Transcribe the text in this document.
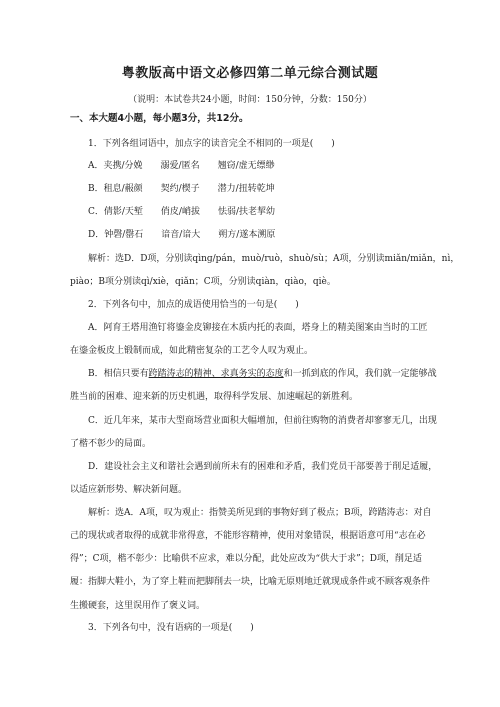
粤教版高中语文必修四第二单元综合测试题
（说明：本试卷共24小题，时间：150分钟，分数：150分）
一、本大题4小题，每小题3分，共12分。
1．下列各组词语中，加点字的读音完全不相同的一项是(　　)
A．夹携/分娩　　溺爱/匿名　　翘窃/虚无缥缈
B．租息/赧颜　　契约/楔子　　潜力/扭转乾坤
C．倩影/天堑　　俏皮/峭拔　　怯弱/扶老挈幼
D．钟磬/罄石　　谙音/谙大　　朔方/遂本溯原
解析：选D．D项，分别读qìnɡ/pán，muò/ruò，shuò/sù；A项，分别读miǎn/miǎn，nì，
piào；B项分别读qì/xiè，qiǎn；C项，分别读qiàn，qiào，qiè。
2．下列各句中，加点的成语使用恰当的一句是(　　)
A．阿育王塔用渔钉将鎏金皮铆接在木质内托的表面，塔身上的精美图案由当时的工匠
在鎏金板皮上锻制而成，如此精密复杂的工艺令人叹为观止。
B．相信只要有跨踏涛志的精神、求真务实的态度和一抓到底的作风，我们就一定能够战
胜当前的困难、迎来新的历史机遇，取得科学发展、加速崛起的新胜利。
C．近几年来，某市大型商场营业面积大幅增加，但前往购物的消费者却寥寥无几，出现
了楷不彰少的局面。
D．建设社会主义和谐社会遇到前所未有的困难和矛盾，我们党员干部要善于削足适履，
以适应新形势、解决新问题。
解析：选A．A项，叹为观止：指赞美所见到的事物好到了极点；B项，跨踏涛志：对自
己的现状或者取得的成就非常得意，不能形容精神，使用对象错误，根据语意可用“志在必
得”；C项，楷不彰少：比喻供不应求，难以分配，此处应改为“供大于求”；D项，削足适
履：指脚大鞋小，为了穿上鞋而把脚削去一块，比喻无原则地迁就现成条件或不顾客观条件
生搬硬套，这里误用作了褒义词。
3．下列各句中，没有语病的一项是(　　)
